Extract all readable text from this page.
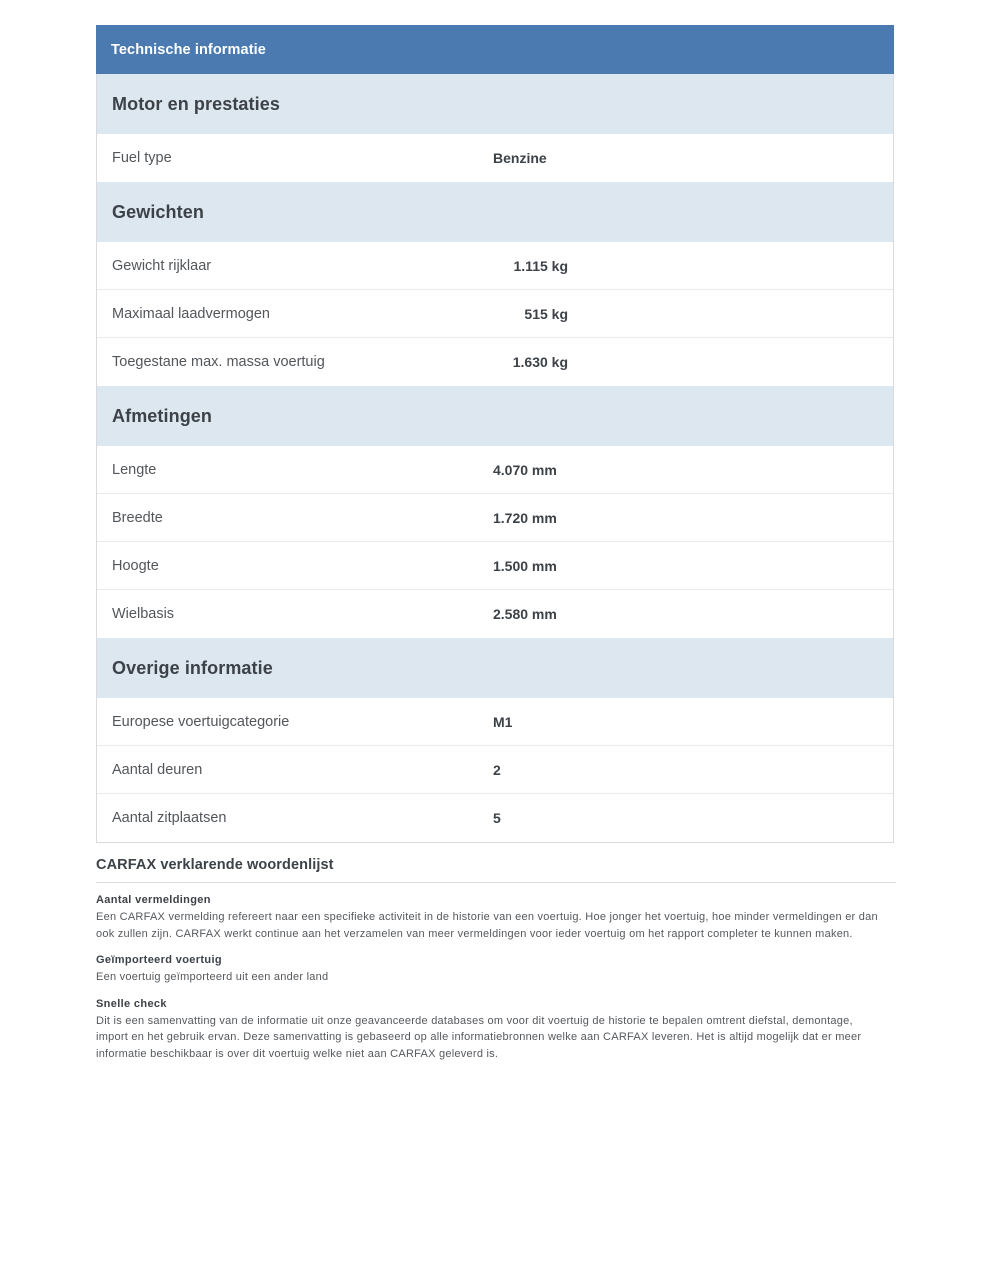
Technische informatie
Motor en prestaties
Fuel type	Benzine
Gewichten
Gewicht rijklaar	1.115 kg
Maximaal laadvermogen	515 kg
Toegestane max. massa voertuig	1.630 kg
Afmetingen
Lengte	4.070 mm
Breedte	1.720 mm
Hoogte	1.500 mm
Wielbasis	2.580 mm
Overige informatie
Europese voertuigcategorie	M1
Aantal deuren	2
Aantal zitplaatsen	5
CARFAX verklarende woordenlijst
Aantal vermeldingen
Een CARFAX vermelding refereert naar een specifieke activiteit in de historie van een voertuig. Hoe jonger het voertuig, hoe minder vermeldingen er dan ook zullen zijn. CARFAX werkt continue aan het verzamelen van meer vermeldingen voor ieder voertuig om het rapport completer te kunnen maken.
Geïmporteerd voertuig
Een voertuig geïmporteerd uit een ander land
Snelle check
Dit is een samenvatting van de informatie uit onze geavanceerde databases om voor dit voertuig de historie te bepalen omtrent diefstal, demontage, import en het gebruik ervan. Deze samenvatting is gebaseerd op alle informatiebronnen welke aan CARFAX leveren. Het is altijd mogelijk dat er meer informatie beschikbaar is over dit voertuig welke niet aan CARFAX geleverd is.
